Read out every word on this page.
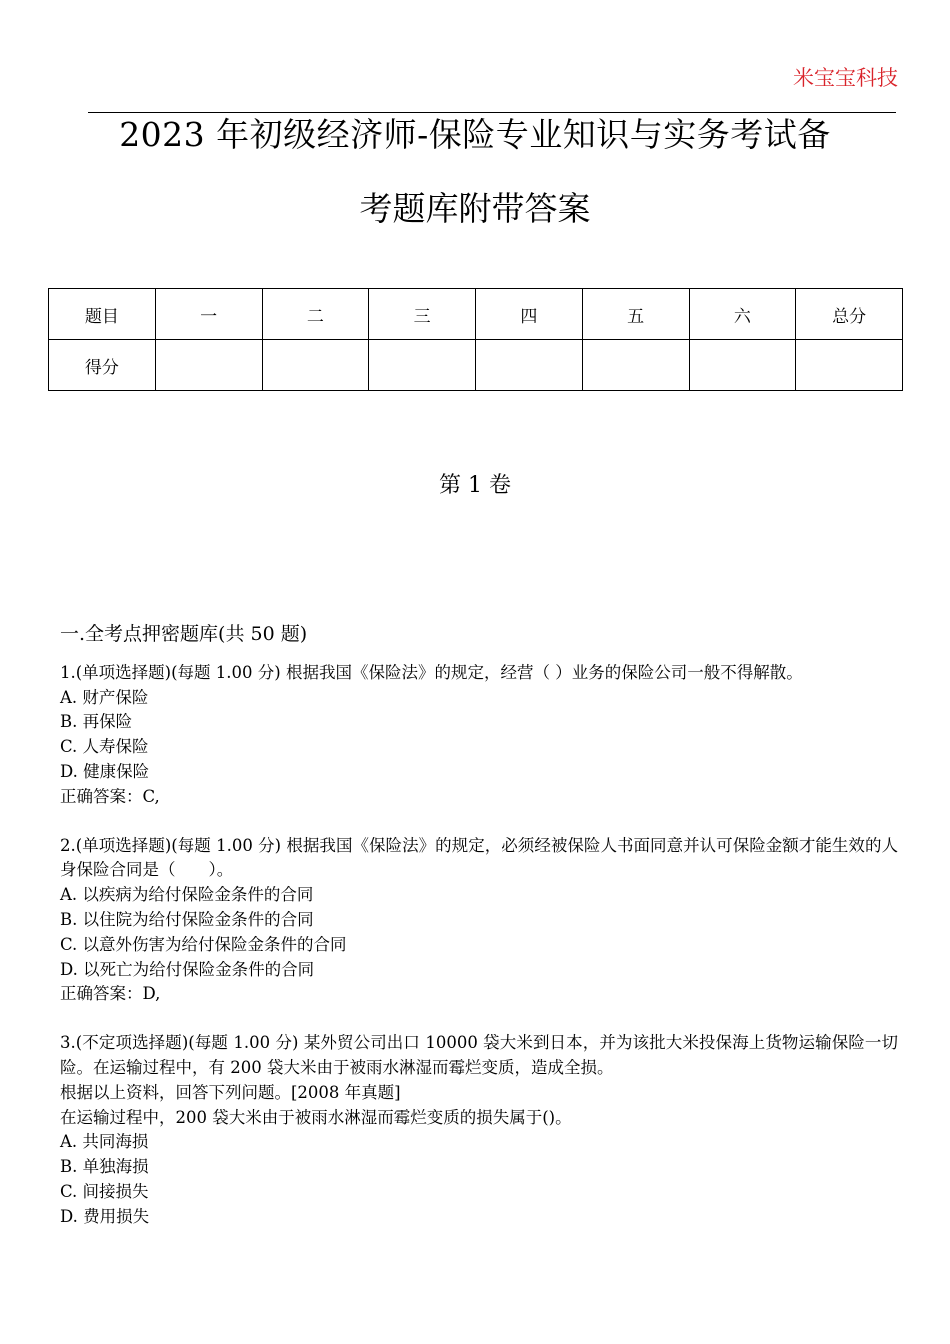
米宝宝科技
2023 年初级经济师-保险专业知识与实务考试备
考题库附带答案
题目	一	二	三	四	五	六	总分
得分							
第 1 卷
一.全考点押密题库(共 50 题)

1.(单项选择题)(每题 1.00 分) 根据我国《保险法》的规定，经营（ ）业务的保险公司一般不得解散。

A. 财产保险

B. 再保险

C. 人寿保险

D. 健康保险

正确答案：C,

2.(单项选择题)(每题 1.00 分) 根据我国《保险法》的规定，必须经被保险人书面同意并认可保险金额才能生效的人身保险合同是（　　）。

A. 以疾病为给付保险金条件的合同

B. 以住院为给付保险金条件的合同

C. 以意外伤害为给付保险金条件的合同

D. 以死亡为给付保险金条件的合同

正确答案：D,

3.(不定项选择题)(每题 1.00 分) 某外贸公司出口 10000 袋大米到日本，并为该批大米投保海上货物运输保险一切险。在运输过程中，有 200 袋大米由于被雨水淋湿而霉烂变质，造成全损。

根据以上资料，回答下列问题。[2008 年真题]

在运输过程中，200 袋大米由于被雨水淋湿而霉烂变质的损失属于()。

A. 共同海损

B. 单独海损

C. 间接损失

D. 费用损失
